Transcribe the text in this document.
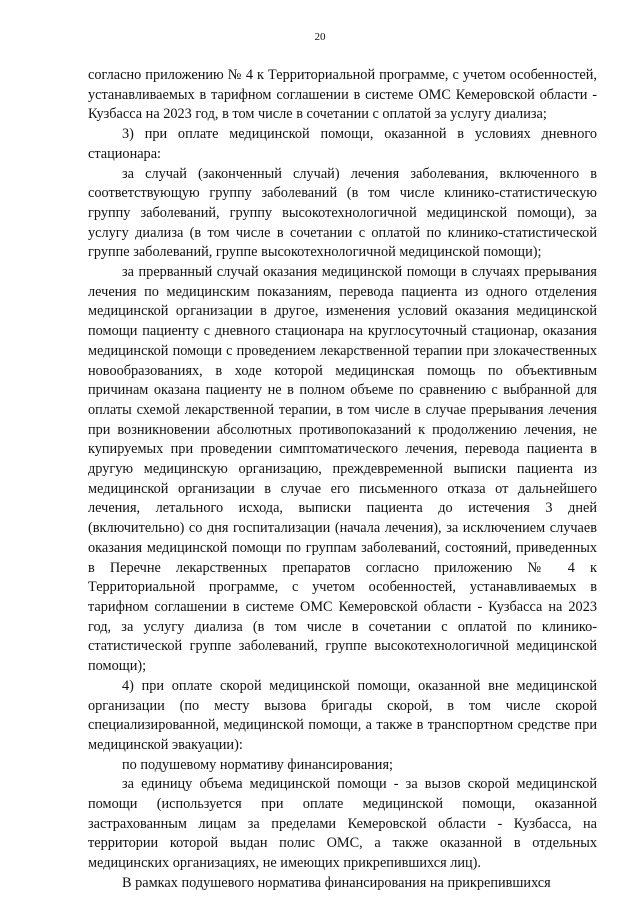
20

согласно приложению № 4 к Территориальной программе, с учетом особенностей, устанавливаемых в тарифном соглашении в системе ОМС Кемеровской области - Кузбасса на 2023 год, в том числе в сочетании с оплатой за услугу диализа;

3) при оплате медицинской помощи, оказанной в условиях дневного стационара:

за случай (законченный случай) лечения заболевания, включенного в соответствующую группу заболеваний (в том числе клинико-статистическую группу заболеваний, группу высокотехнологичной медицинской помощи), за услугу диализа (в том числе в сочетании с оплатой по клинико-статистической группе заболеваний, группе высокотехнологичной медицинской помощи);

за прерванный случай оказания медицинской помощи в случаях прерывания лечения по медицинским показаниям, перевода пациента из одного отделения медицинской организации в другое, изменения условий оказания медицинской помощи пациенту с дневного стационара на круглосуточный стационар, оказания медицинской помощи с проведением лекарственной терапии при злокачественных новообразованиях, в ходе которой медицинская помощь по объективным причинам оказана пациенту не в полном объеме по сравнению с выбранной для оплаты схемой лекарственной терапии, в том числе в случае прерывания лечения при возникновении абсолютных противопоказаний к продолжению лечения, не купируемых при проведении симптоматического лечения, перевода пациента в другую медицинскую организацию, преждевременной выписки пациента из медицинской организации в случае его письменного отказа от дальнейшего лечения, летального исхода, выписки пациента до истечения 3 дней (включительно) со дня госпитализации (начала лечения), за исключением случаев оказания медицинской помощи по группам заболеваний, состояний, приведенных в Перечне лекарственных препаратов согласно приложению № 4 к Территориальной программе, с учетом особенностей, устанавливаемых в тарифном соглашении в системе ОМС Кемеровской области - Кузбасса на 2023 год, за услугу диализа (в том числе в сочетании с оплатой по клинико-статистической группе заболеваний, группе высокотехнологичной медицинской помощи);

4) при оплате скорой медицинской помощи, оказанной вне медицинской организации (по месту вызова бригады скорой, в том числе скорой специализированной, медицинской помощи, а также в транспортном средстве при медицинской эвакуации):

по подушевому нормативу финансирования;

за единицу объема медицинской помощи - за вызов скорой медицинской помощи (используется при оплате медицинской помощи, оказанной застрахованным лицам за пределами Кемеровской области - Кузбасса, на территории которой выдан полис ОМС, а также оказанной в отдельных медицинских организациях, не имеющих прикрепившихся лиц).

В рамках подушевого норматива финансирования на прикрепившихся
